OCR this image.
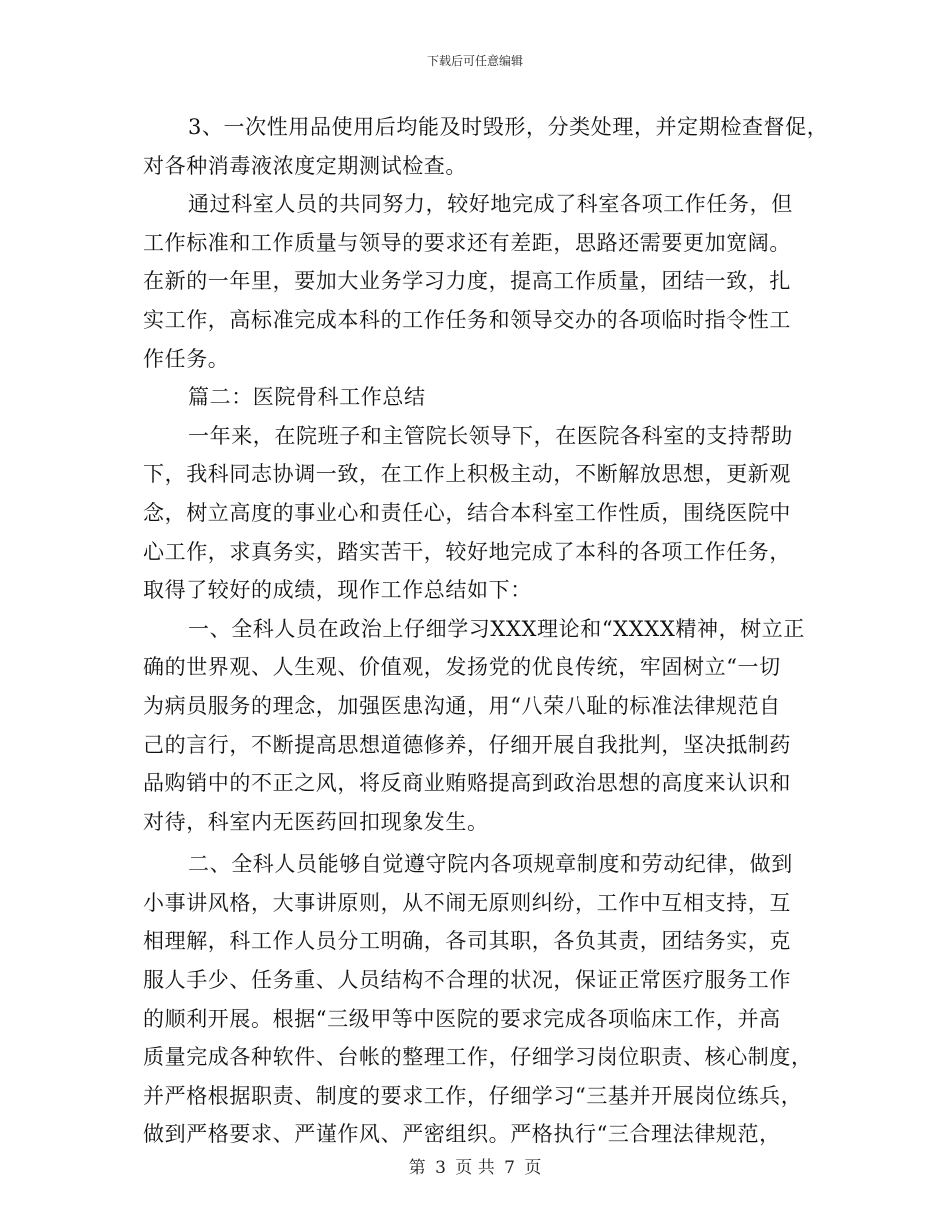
下载后可任意编辑
3、一次性用品使用后均能及时毁形，分类处理，并定期检查督促，
对各种消毒液浓度定期测试检查。
通过科室人员的共同努力，较好地完成了科室各项工作任务，但
工作标准和工作质量与领导的要求还有差距，思路还需要更加宽阔。
在新的一年里，要加大业务学习力度，提高工作质量，团结一致，扎
实工作，高标准完成本科的工作任务和领导交办的各项临时指令性工
作任务。
篇二：医院骨科工作总结
一年来，在院班子和主管院长领导下，在医院各科室的支持帮助
下，我科同志协调一致，在工作上积极主动，不断解放思想，更新观
念，树立高度的事业心和责任心，结合本科室工作性质，围绕医院中
心工作，求真务实，踏实苦干，较好地完成了本科的各项工作任务，
取得了较好的成绩，现作工作总结如下：
一、全科人员在政治上仔细学习XXX理论和“XXXX精神，树立正
确的世界观、人生观、价值观，发扬党的优良传统，牢固树立“一切
为病员服务的理念，加强医患沟通，用“八荣八耻的标准法律规范自
己的言行，不断提高思想道德修养，仔细开展自我批判，坚决抵制药
品购销中的不正之风，将反商业贿赂提高到政治思想的高度来认识和
对待，科室内无医药回扣现象发生。
二、全科人员能够自觉遵守院内各项规章制度和劳动纪律，做到
小事讲风格，大事讲原则，从不闹无原则纠纷，工作中互相支持，互
相理解，科工作人员分工明确，各司其职，各负其责，团结务实，克
服人手少、任务重、人员结构不合理的状况，保证正常医疗服务工作
的顺利开展。根据“三级甲等中医院的要求完成各项临床工作，并高
质量完成各种软件、台帐的整理工作，仔细学习岗位职责、核心制度，
并严格根据职责、制度的要求工作，仔细学习“三基并开展岗位练兵，
做到严格要求、严谨作风、严密组织。严格执行“三合理法律规范，
第 3 页 共 7 页
